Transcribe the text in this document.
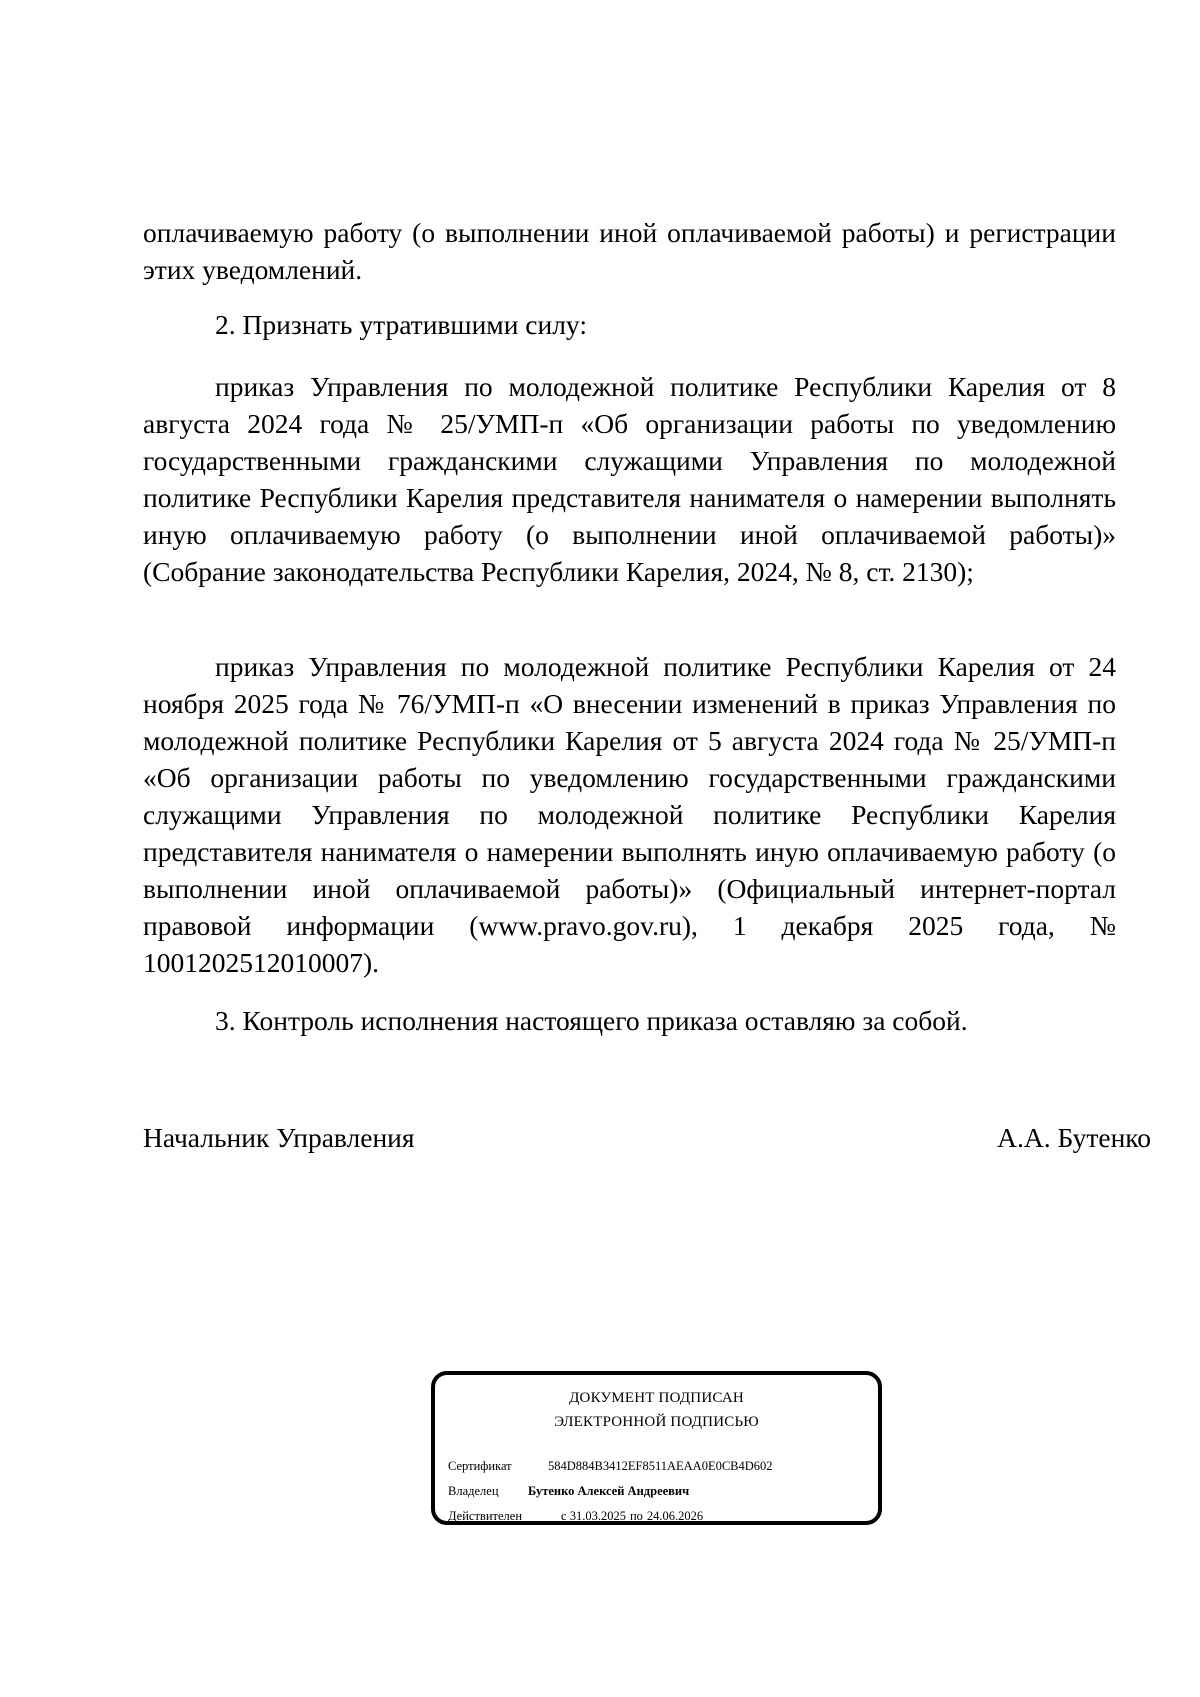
оплачиваемую работу (о выполнении иной оплачиваемой работы) и регистрации этих уведомлений.
2. Признать утратившими силу:
приказ Управления по молодежной политике Республики Карелия от 8 августа 2024 года № 25/УМП-п «Об организации работы по уведомлению государственными гражданскими служащими Управления по молодежной политике Республики Карелия представителя нанимателя о намерении выполнять иную оплачиваемую работу (о выполнении иной оплачиваемой работы)» (Собрание законодательства Республики Карелия, 2024, № 8, ст. 2130);
приказ Управления по молодежной политике Республики Карелия от 24 ноября 2025 года № 76/УМП-п «О внесении изменений в приказ Управления по молодежной политике Республики Карелия от 5 августа 2024 года № 25/УМП-п «Об организации работы по уведомлению государственными гражданскими служащими Управления по молодежной политике Республики Карелия представителя нанимателя о намерении выполнять иную оплачиваемую работу (о выполнении иной оплачиваемой работы)» (Официальный интернет-портал правовой информации (www.pravo.gov.ru), 1 декабря 2025 года, № 1001202512010007).
3. Контроль исполнения настоящего приказа оставляю за собой.
Начальник Управления	А.А. Бутенко
ДОКУМЕНТ ПОДПИСАН
ЭЛЕКТРОННОЙ ПОДПИСЬЮ
Сертификат	584D884B3412EF8511AEAA0E0CB4D602
Владелец Бутенко Алексей Андреевич
Действителен	с 31.03.2025 по 24.06.2026
